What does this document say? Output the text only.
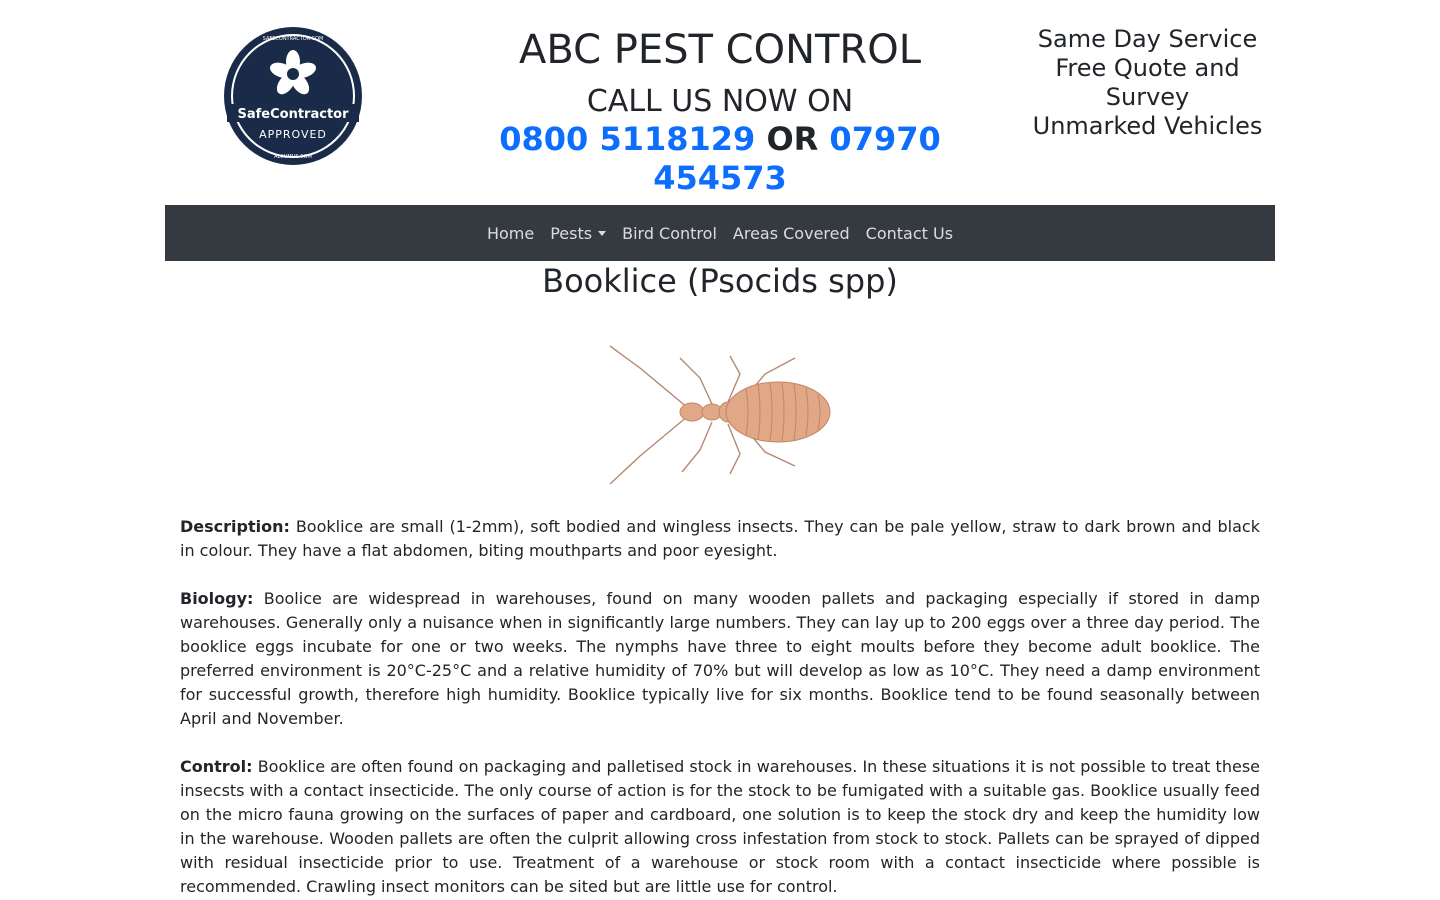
SafeContractor
APPROVED
SAFECONTRACTOR.COM
ALCUMUS.COM
ABC PEST CONTROL
CALL US NOW ON
0800 5118129 OR 07970 454573
Same Day Service
Free Quote and Survey
Unmarked Vehicles
Home	Pests	Bird Control	Areas Covered	Contact Us
Booklice (Psocids spp)

Description: Booklice are small (1-2mm), soft bodied and wingless insects. They can be pale yellow, straw to dark brown and black in colour. They have a flat abdomen, biting mouthparts and poor eyesight.

Biology: Boolice are widespread in warehouses, found on many wooden pallets and packaging especially if stored in damp warehouses. Generally only a nuisance when in significantly large numbers. They can lay up to 200 eggs over a three day period. The booklice eggs incubate for one or two weeks. The nymphs have three to eight moults before they become adult booklice. The preferred environment is 20°C-25°C and a relative humidity of 70% but will develop as low as 10°C. They need a damp environment for successful growth, therefore high humidity. Booklice typically live for six months. Booklice tend to be found seasonally between April and November.

Control: Booklice are often found on packaging and palletised stock in warehouses. In these situations it is not possible to treat these insecsts with a contact insecticide. The only course of action is for the stock to be fumigated with a suitable gas. Booklice usually feed on the micro fauna growing on the surfaces of paper and cardboard, one solution is to keep the stock dry and keep the humidity low in the warehouse. Wooden pallets are often the culprit allowing cross infestation from stock to stock. Pallets can be sprayed of dipped with residual insecticide prior to use. Treatment of a warehouse or stock room with a contact insecticide where possible is recommended. Crawling insect monitors can be sited but are little use for control.
